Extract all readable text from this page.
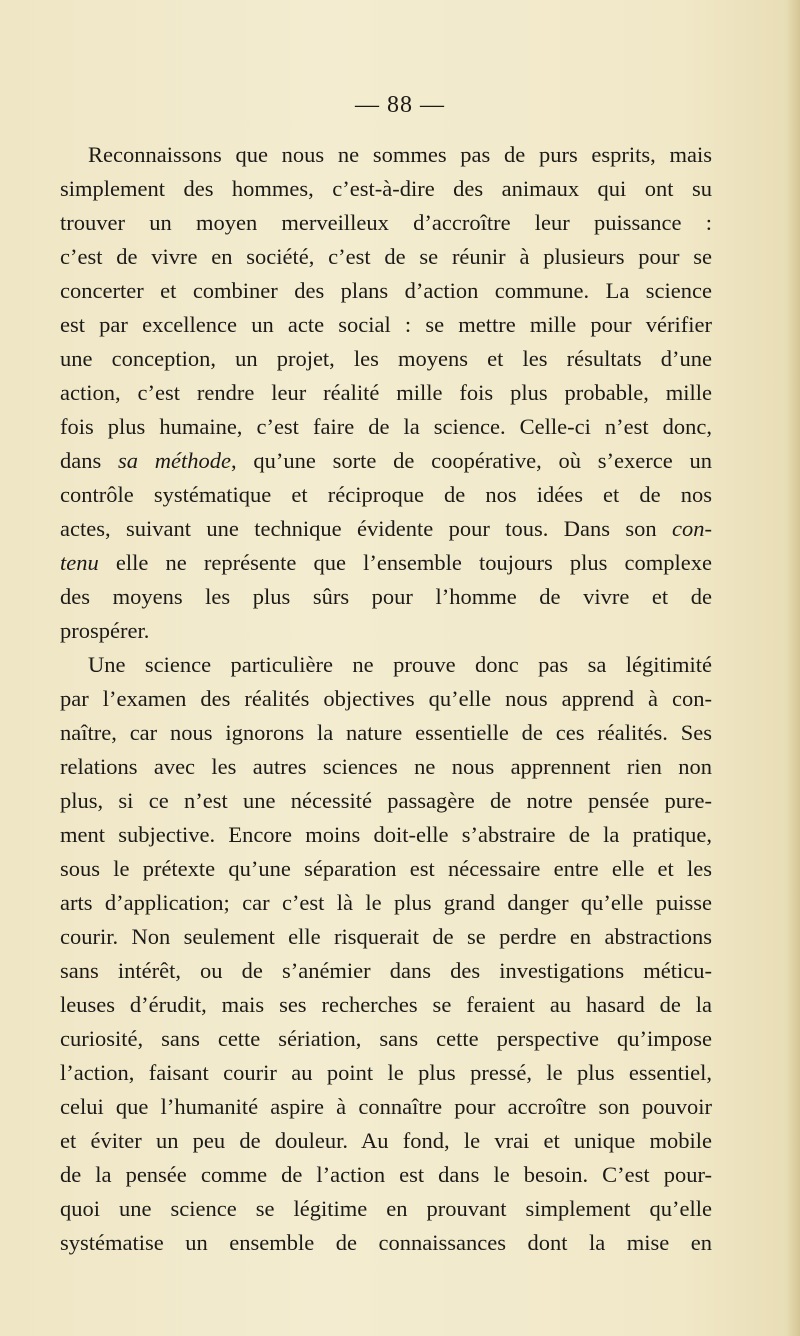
— 88 —
Reconnaissons que nous ne sommes pas de purs esprits, mais
simplement des hommes, c’est-à-dire des animaux qui ont su
trouver un moyen merveilleux d’accroître leur puissance :
c’est de vivre en société, c’est de se réunir à plusieurs pour se
concerter et combiner des plans d’action commune. La science
est par excellence un acte social : se mettre mille pour vérifier
une conception, un projet, les moyens et les résultats d’une
action, c’est rendre leur réalité mille fois plus probable, mille
fois plus humaine, c’est faire de la science. Celle-ci n’est donc,
dans sa méthode, qu’une sorte de coopérative, où s’exerce un
contrôle systématique et réciproque de nos idées et de nos
actes, suivant une technique évidente pour tous. Dans son con-
tenu elle ne représente que l’ensemble toujours plus complexe
des moyens les plus sûrs pour l’homme de vivre et de
prospérer.
Une science particulière ne prouve donc pas sa légitimité
par l’examen des réalités objectives qu’elle nous apprend à con-
naître, car nous ignorons la nature essentielle de ces réalités. Ses
relations avec les autres sciences ne nous apprennent rien non
plus, si ce n’est une nécessité passagère de notre pensée pure-
ment subjective. Encore moins doit-elle s’abstraire de la pratique,
sous le prétexte qu’une séparation est nécessaire entre elle et les
arts d’application; car c’est là le plus grand danger qu’elle puisse
courir. Non seulement elle risquerait de se perdre en abstractions
sans intérêt, ou de s’anémier dans des investigations méticu-
leuses d’érudit, mais ses recherches se feraient au hasard de la
curiosité, sans cette sériation, sans cette perspective qu’impose
l’action, faisant courir au point le plus pressé, le plus essentiel,
celui que l’humanité aspire à connaître pour accroître son pouvoir
et éviter un peu de douleur. Au fond, le vrai et unique mobile
de la pensée comme de l’action est dans le besoin. C’est pour-
quoi une science se légitime en prouvant simplement qu’elle
systématise un ensemble de connaissances dont la mise en
